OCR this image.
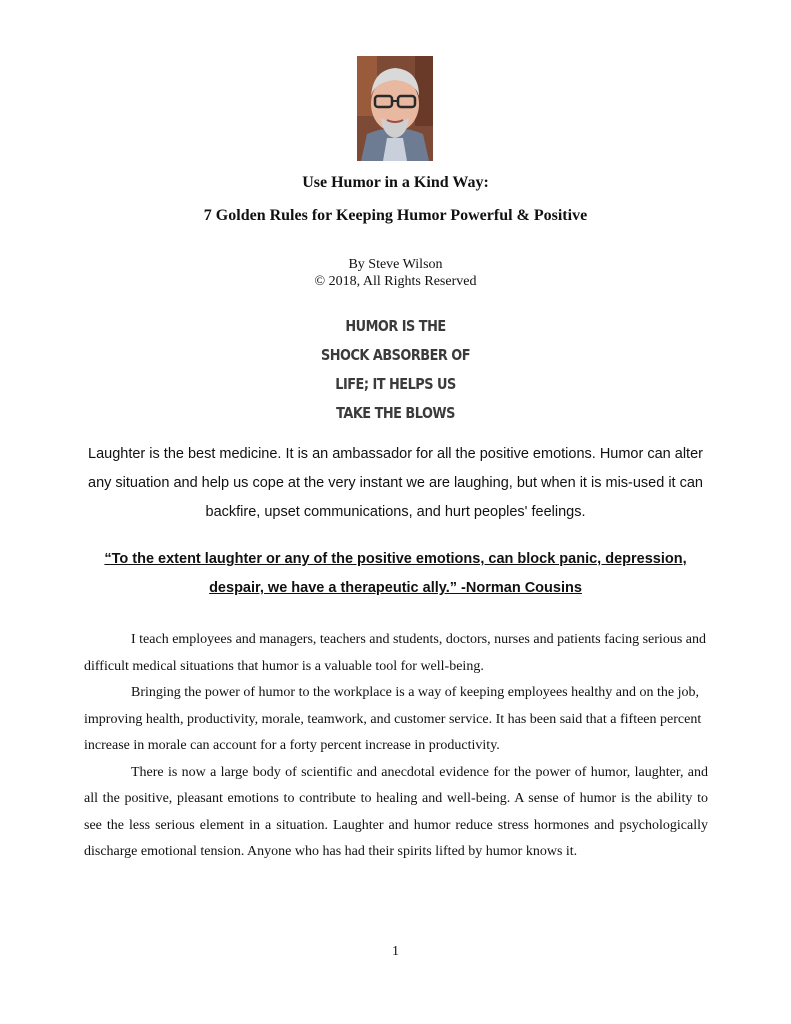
Use Humor in a Kind Way:
7 Golden Rules for Keeping Humor Powerful & Positive
By Steve Wilson
© 2018, All Rights Reserved
HUMOR IS THE
SHOCK ABSORBER OF
LIFE; IT HELPS US
TAKE THE BLOWS
Laughter is the best medicine. It is an ambassador for all the positive emotions. Humor can alter any situation and help us cope at the very instant we are laughing, but when it is mis-used it can backfire, upset communications, and hurt peoples' feelings.
“To the extent laughter or any of the positive emotions, can block panic, depression, despair, we have a therapeutic ally.” -Norman Cousins

I teach employees and managers, teachers and students, doctors, nurses and patients facing serious and difficult medical situations that humor is a valuable tool for well-being.

Bringing the power of humor to the workplace is a way of keeping employees healthy and on the job, improving health, productivity, morale, teamwork, and customer service. It has been said that a fifteen percent increase in morale can account for a forty percent increase in productivity.

There is now a large body of scientific and anecdotal evidence for the power of humor, laughter, and all the positive, pleasant emotions to contribute to healing and well-being. A sense of humor is the ability to see the less serious element in a situation. Laughter and humor reduce stress hormones and psychologically discharge emotional tension. Anyone who has had their spirits lifted by humor knows it.

1
